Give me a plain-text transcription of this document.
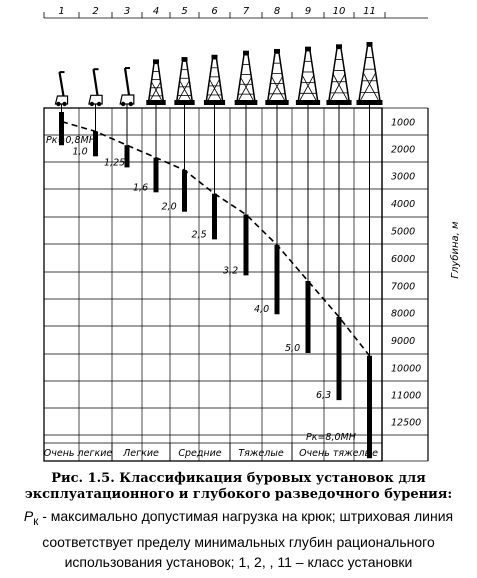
1	2	3 4 5 6	7 8 9 10 11
Рк=0,8МН
1,0
1,25
1,6
2,0
2,5
3,2
4,0
5,0
6,3
Рк=8,0МН
1000
2000
3000
4000
5000
6000
7000
8000
9000
10000
11000
12500
Глубина, м
Очень легкие Легкие Средние Тяжелые Очень тяжелые
Рис. 1.5. Классификация буровых установок для
эксплуатационного и глубокого разведочного бурения:
$Р_к$ - максимально допустимая нагрузка на крюк; штриховая линия
соответствует пределу минимальных глубин рационального
использования установок; 1, 2, , 11 – класс установки
